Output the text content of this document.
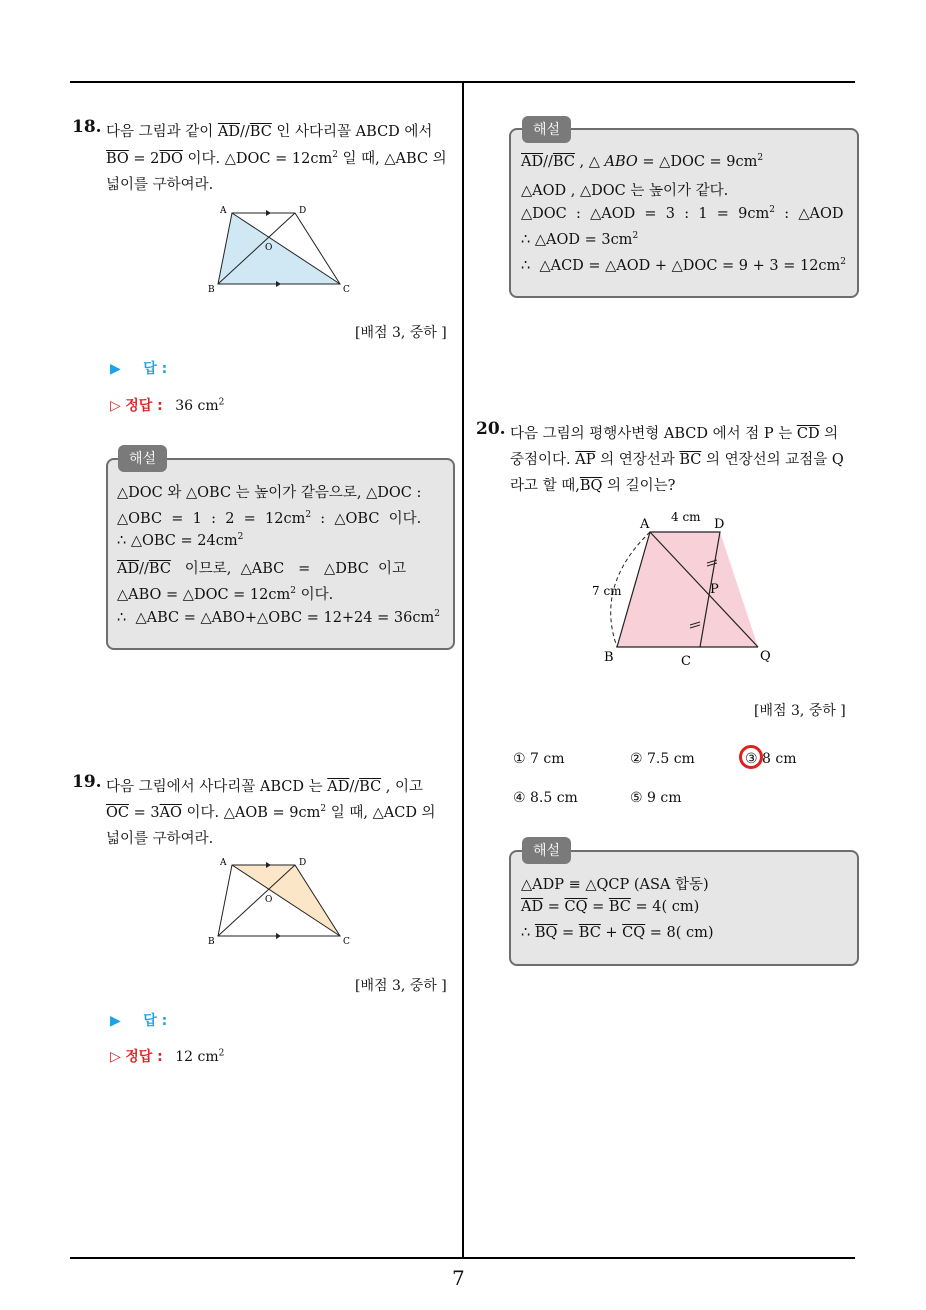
7
18. 다음 그림과 같이 $\overline{AD}//\overline{BC}$ 인 사다리꼴 ABCD 에서
$\overline{BO} = 2\overline{DO}$ 이다. △DOC = $12cm^2$ 일 때, △ABC 의
넓이를 구하여라.
A	D
O
B	C
[배점 3, 중하 ]
▶ 답 :
▷ 정답 : 36 $cm^2$
해설
△DOC 와 △OBC 는 높이가 같음으로, △DOC :
△OBC  =  1  :  $2 = 12cm^2$  :  △OBC  이다.
∴ △OBC = $24cm^2$
$\overline{AD}//\overline{BC}$   이므로,  △ABC   =   △DBC  이고
△ABO = △DOC = $12cm^2$ 이다.
∴  △ABC = △ABO+△OBC = $12+24 = 36cm^2$
19. 다음 그림에서 사다리꼴 ABCD 는 $\overline{AD}//\overline{BC}$ , 이고
$\overline{OC} = 3\overline{AO}$ 이다. △AOB = $9cm^2$ 일 때, △ACD 의
넓이를 구하여라.
A	D
O
B	C
[배점 3, 중하 ]
▶ 답 :
▷ 정답 : 12 $cm^2$
해설
$\overline{AD}//\overline{BC}$ , △ ABO = △DOC = $9cm^2$
△AOD , △DOC 는 높이가 같다.
△DOC  :  △AOD  =  3  :  $1 = 9cm^2$  :  △AOD
∴ △AOD = $3cm^2$
∴  △ACD = △AOD + △DOC = $9 + 3 = 12cm^2$
20. 다음 그림의 평행사변형 ABCD 에서 점 P 는 $\overline{CD}$ 의
중점이다. $\overline{AP}$ 의 연장선과 $\overline{BC}$ 의 연장선의 교점을 Q
라고 할 때$,\overline{BQ}$ 의 길이는?
A 4 cm D
7 cm	P
B	C	Q
[배점 3, 중하 ]
① 7 cm	② 7.5 cm	③ 8 cm
④ 8.5 cm	⑤ 9 cm
해설
△ADP ≡ △QCP (ASA 합동)
$\overline{AD} = \overline{CQ} = \overline{BC} = 4$( cm)
∴ $\overline{BQ} = \overline{BC} + \overline{CQ} = 8$( cm)
